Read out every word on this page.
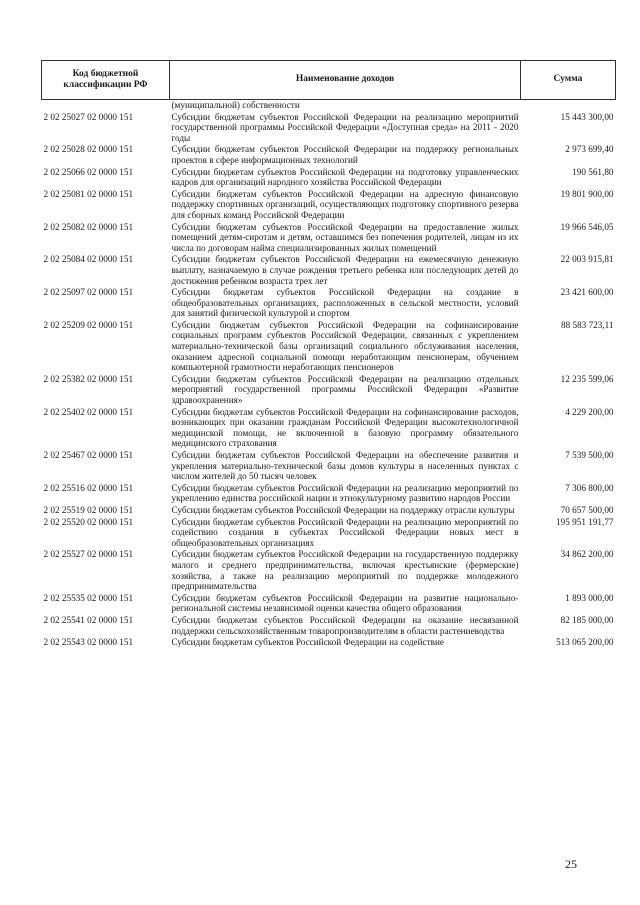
Код бюджетной классификации РФ	Наименование доходов	Сумма
	(муниципальной) собственности	
2 02 25027 02 0000 151	Субсидии бюджетам субъектов Российской Федерации на реализацию мероприятий государственной программы Российской Федерации «Доступная среда» на 2011 - 2020 годы	15 443 300,00
2 02 25028 02 0000 151	Субсидии бюджетам субъектов Российской Федерации на поддержку региональных проектов в сфере информационных технологий	2 973 699,40
2 02 25066 02 0000 151	Субсидии бюджетам субъектов Российской Федерации на подготовку управленческих кадров для организаций народного хозяйства Российской Федерации	190 561,80
2 02 25081 02 0000 151	Субсидии бюджетам субъектов Российской Федерации на адресную финансовую поддержку спортивных организаций, осуществляющих подготовку спортивного резерва для сборных команд Российской Федерации	19 801 900,00
2 02 25082 02 0000 151	Субсидии бюджетам субъектов Российской Федерации на предоставление жилых помещений детям-сиротам и детям, оставшимся без попечения родителей, лицам из их числа по договорам найма специализированных жилых помещений	19 966 546,05
2 02 25084 02 0000 151	Субсидии бюджетам субъектов Российской Федерации на ежемесячную денежную выплату, назначаемую в случае рождения третьего ребенка или последующих детей до достижения ребенком возраста трех лет	22 003 915,81
2 02 25097 02 0000 151	Субсидии бюджетам субъектов Российской Федерации на создание в общеобразовательных организациях, расположенных в сельской местности, условий для занятий физической культурой и спортом	23 421 600,00
2 02 25209 02 0000 151	Субсидии бюджетам субъектов Российской Федерации на софинансирование социальных программ субъектов Российской Федерации, связанных с укреплением материально-технической базы организаций социального обслуживания населения, оказанием адресной социальной помощи неработающим пенсионерам, обучением компьютерной грамотности неработающих пенсионеров	88 583 723,11
2 02 25382 02 0000 151	Субсидии бюджетам субъектов Российской Федерации на реализацию отдельных мероприятий государственной программы Российской Федерации «Развитие здравоохранения»	12 235 599,06
2 02 25402 02 0000 151	Субсидии бюджетам субъектов Российской Федерации на софинансирование расходов, возникающих при оказании гражданам Российской Федерации высокотехнологичной медицинской помощи, не включенной в базовую программу обязательного медицинского страхования	4 229 200,00
2 02 25467 02 0000 151	Субсидии бюджетам субъектов Российской Федерации на обеспечение развития и укрепления материально-технической базы домов культуры в населенных пунктах с числом жителей до 50 тысяч человек	7 539 500,00
2 02 25516 02 0000 151	Субсидии бюджетам субъектов Российской Федерации на реализацию мероприятий по укреплению единства российской нации и этнокультурному развитию народов России	7 306 800,00
2 02 25519 02 0000 151	Субсидии бюджетам субъектов Российской Федерации на поддержку отрасли культуры	70 657 500,00
2 02 25520 02 0000 151	Субсидии бюджетам субъектов Российской Федерации на реализацию мероприятий по содействию создания в субъектах Российской Федерации новых мест в общеобразовательных организациях	195 951 191,77
2 02 25527 02 0000 151	Субсидии бюджетам субъектов Российской Федерации на государственную поддержку малого и среднего предпринимательства, включая крестьянские (фермерские) хозяйства, а также на реализацию мероприятий по поддержке молодежного предпринимательства	34 862 200,00
2 02 25535 02 0000 151	Субсидии бюджетам субъектов Российской Федерации на развитие национально-региональной системы независимой оценки качества общего образования	1 893 000,00
2 02 25541 02 0000 151	Субсидии бюджетам субъектов Российской Федерации на оказание несвязанной поддержки сельскохозяйственным товаропроизводителям в области растениеводства	82 185 000,00
2 02 25543 02 0000 151	Субсидии бюджетам субъектов Российской Федерации на содействие	513 065 200,00
25
